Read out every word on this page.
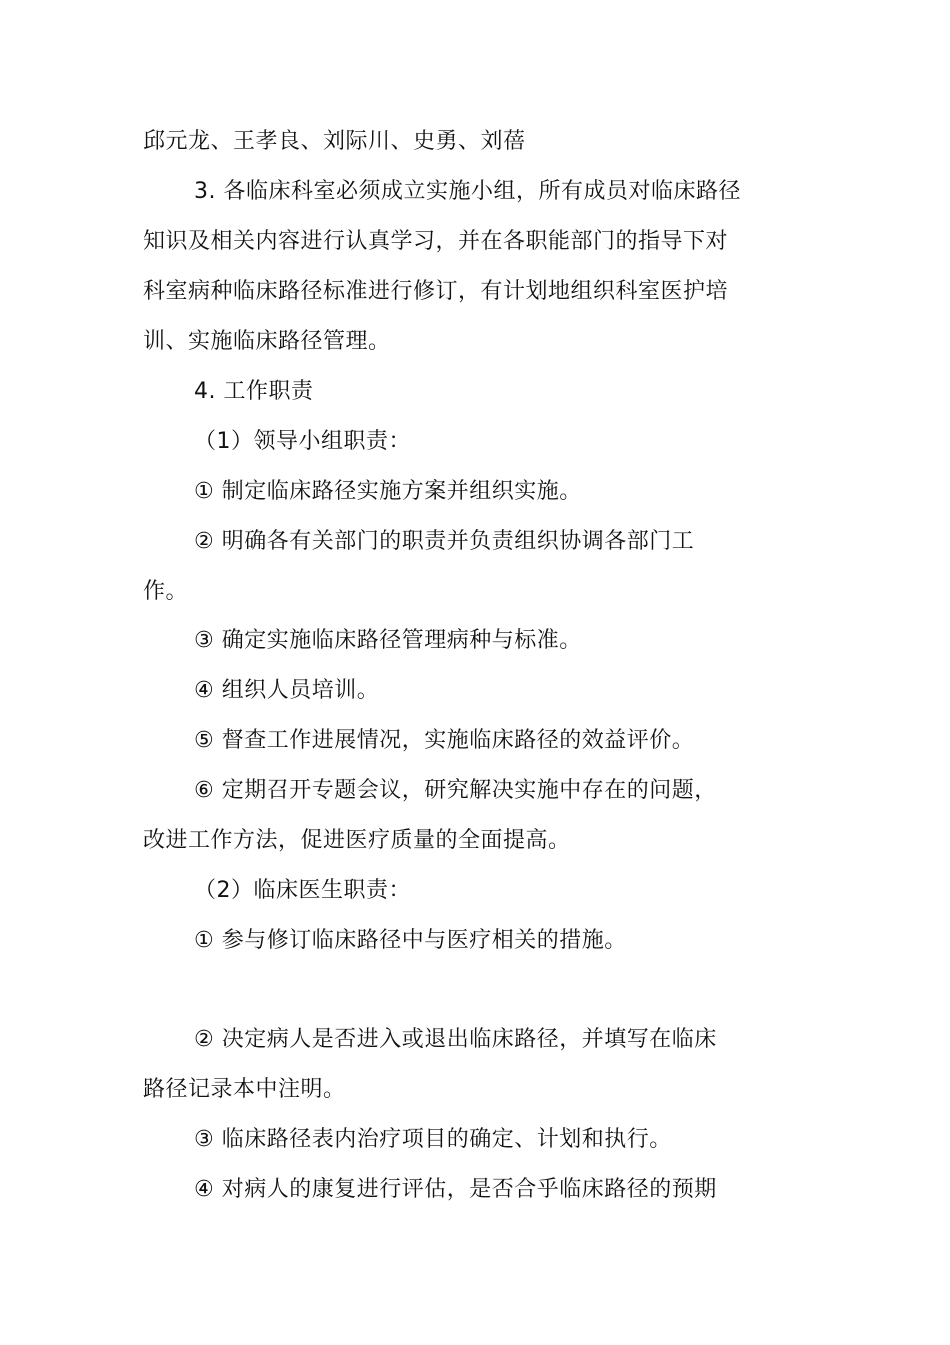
邱元龙、王孝良、刘际川、史勇、刘蓓
3. 各临床科室必须成立实施小组，所有成员对临床路径
知识及相关内容进行认真学习，并在各职能部门的指导下对
科室病种临床路径标准进行修订，有计划地组织科室医护培
训、实施临床路径管理。
4. 工作职责
（1）领导小组职责：
① 制定临床路径实施方案并组织实施。
② 明确各有关部门的职责并负责组织协调各部门工
作。
③ 确定实施临床路径管理病种与标准。
④ 组织人员培训。
⑤ 督查工作进展情况，实施临床路径的效益评价。
⑥ 定期召开专题会议，研究解决实施中存在的问题，
改进工作方法，促进医疗质量的全面提高。
（2）临床医生职责：
① 参与修订临床路径中与医疗相关的措施。
② 决定病人是否进入或退出临床路径，并填写在临床
路径记录本中注明。
③ 临床路径表内治疗项目的确定、计划和执行。
④ 对病人的康复进行评估，是否合乎临床路径的预期
